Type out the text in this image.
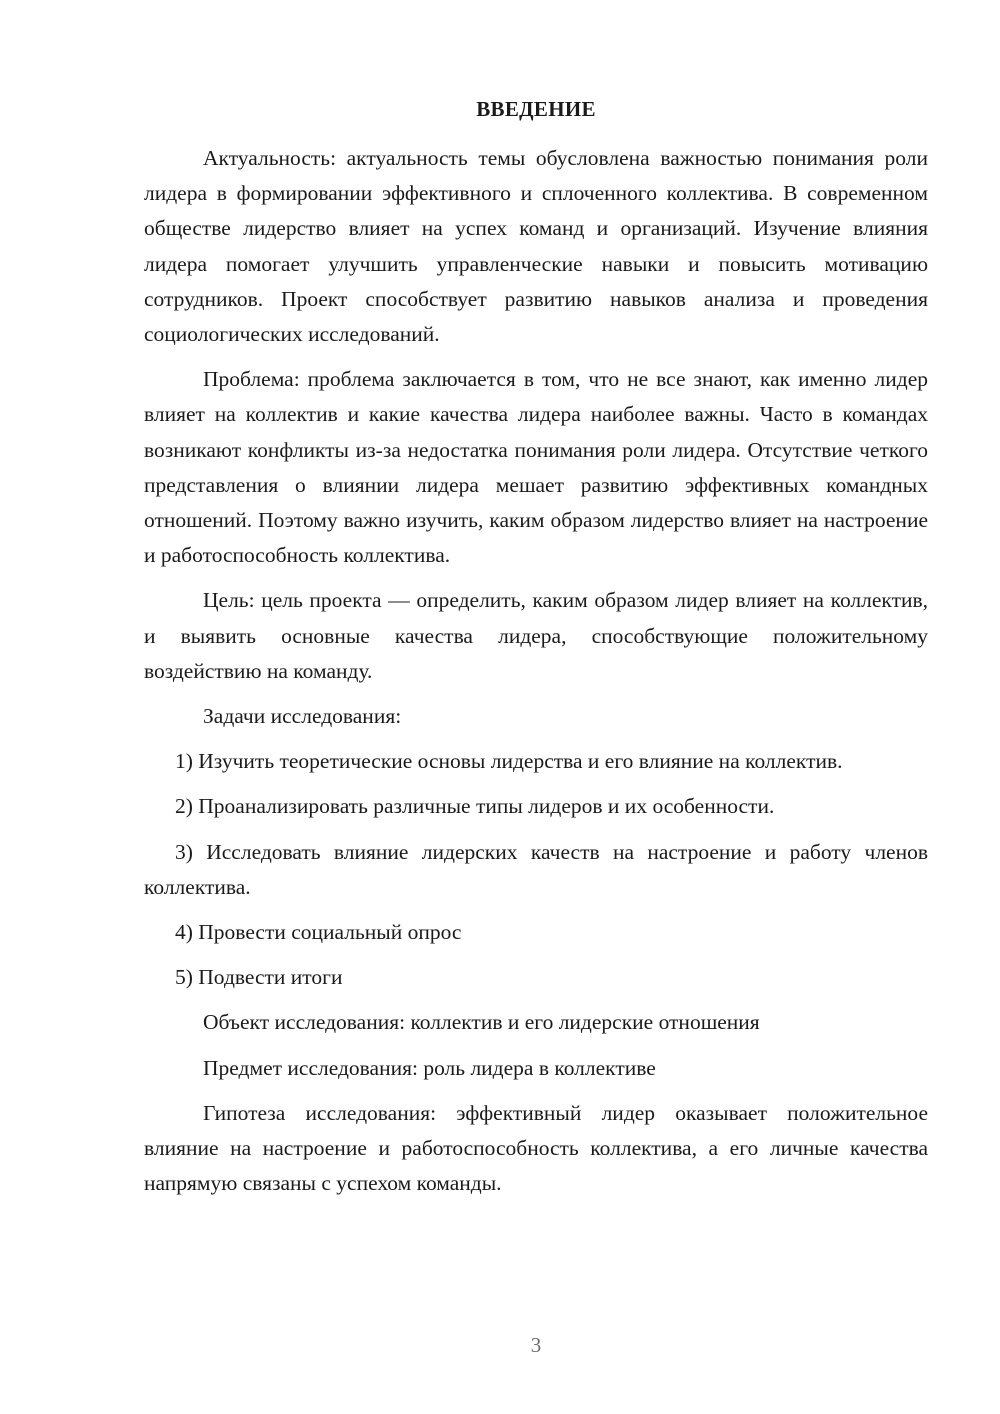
ВВЕДЕНИЕ

Актуальность: актуальность темы обусловлена важностью понимания роли лидера в формировании эффективного и сплоченного коллектива. В современном обществе лидерство влияет на успех команд и организаций. Изучение влияния лидера помогает улучшить управленческие навыки и повысить мотивацию сотрудников. Проект способствует развитию навыков анализа и проведения социологических исследований.

Проблема: проблема заключается в том, что не все знают, как именно лидер влияет на коллектив и какие качества лидера наиболее важны. Часто в командах возникают конфликты из-за недостатка понимания роли лидера. Отсутствие четкого представления о влиянии лидера мешает развитию эффективных командных отношений. Поэтому важно изучить, каким образом лидерство влияет на настроение и работоспособность коллектива.

Цель: цель проекта — определить, каким образом лидер влияет на коллектив, и выявить основные качества лидера, способствующие положительному воздействию на команду.

Задачи исследования:

1) Изучить теоретические основы лидерства и его влияние на коллектив.

2) Проанализировать различные типы лидеров и их особенности.

3) Исследовать влияние лидерских качеств на настроение и работу членов коллектива.

4) Провести социальный опрос

5) Подвести итоги

Объект исследования: коллектив и его лидерские отношения

Предмет исследования: роль лидера в коллективе

Гипотеза исследования: эффективный лидер оказывает положительное влияние на настроение и работоспособность коллектива, а его личные качества напрямую связаны с успехом команды.

3
